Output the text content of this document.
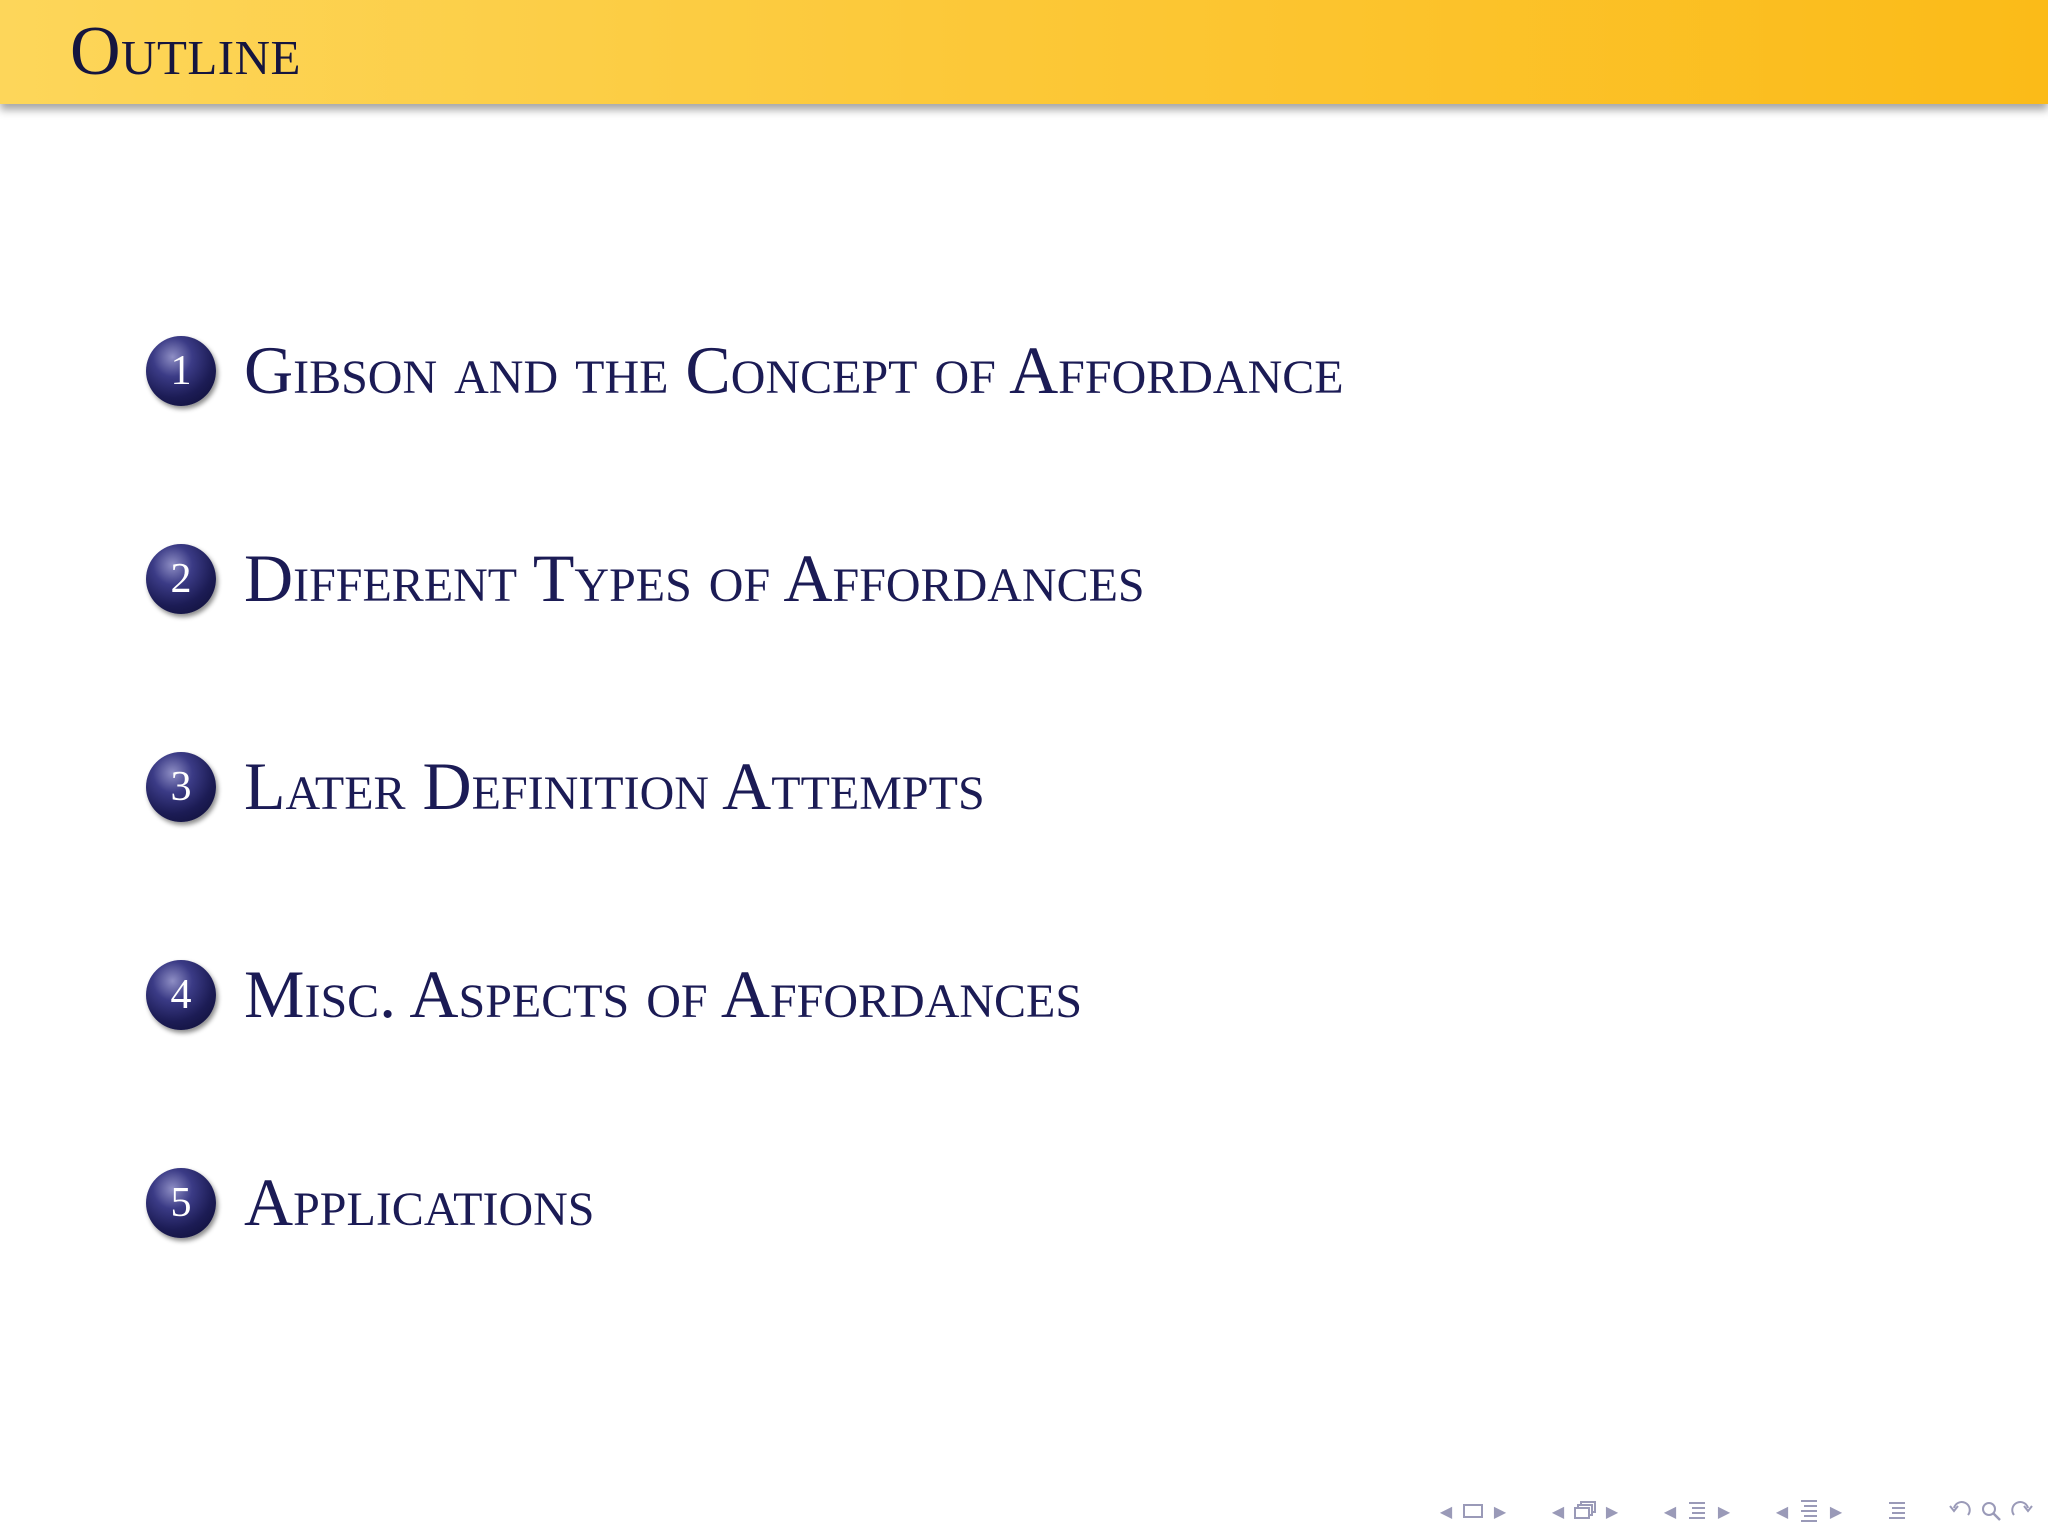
Outline
1 Gibson and the Concept of Affordance
2 Different Types of Affordances
3 Later Definition Attempts
4 Misc. Aspects of Affordances
5 Applications
◀	▶	◀	▶	◀	▶	◀	▶
